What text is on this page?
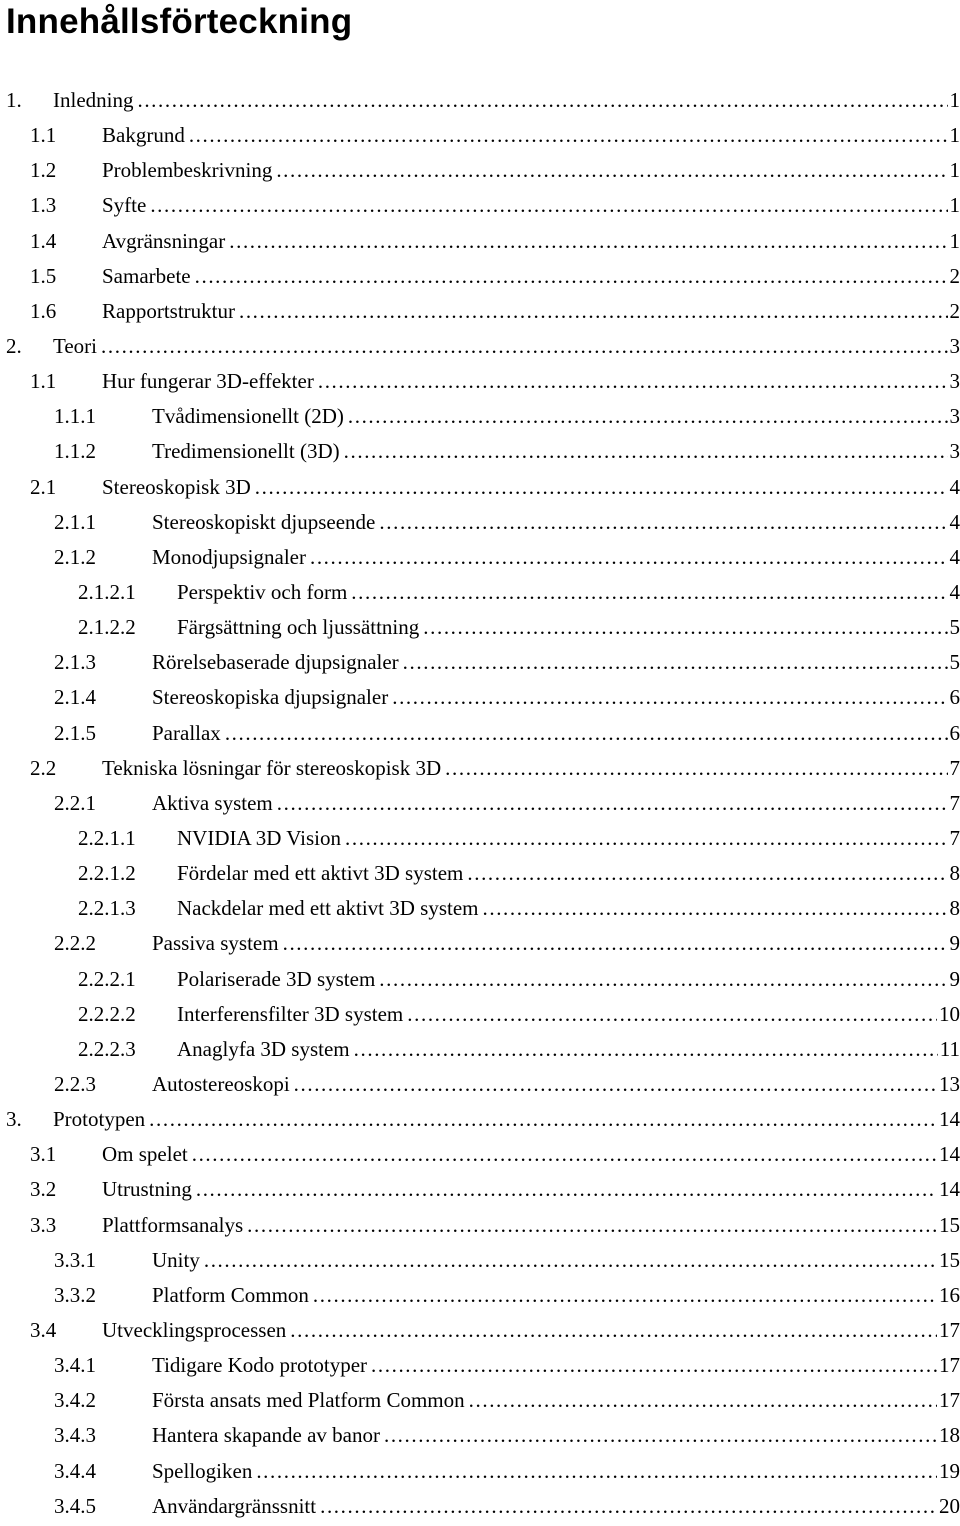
Innehållsförteckning
1.	Inledning .....	1
1.1	Bakgrund .....	1
1.2	Problembeskrivning .....	1
1.3	Syfte .....	1
1.4	Avgränsningar .....	1
1.5	Samarbete .....	2
1.6	Rapportstruktur .....	2
2.	Teori .....	3
1.1	Hur fungerar 3D-effekter .....	3
1.1.1	Tvådimensionellt (2D) .....	3
1.1.2	Tredimensionellt (3D) .....	3
2.1	Stereoskopisk 3D .....	4
2.1.1	Stereoskopiskt djupseende .....	4
2.1.2	Monodjupsignaler .....	4
2.1.2.1	Perspektiv och form .....	4
2.1.2.2	Färgsättning och ljussättning .....	5
2.1.3	Rörelsebaserade djupsignaler .....	5
2.1.4	Stereoskopiska djupsignaler .....	6
2.1.5	Parallax .....	6
2.2	Tekniska lösningar för stereoskopisk 3D .....	7
2.2.1	Aktiva system .....	7
2.2.1.1	NVIDIA 3D Vision .....	7
2.2.1.2	Fördelar med ett aktivt 3D system .....	8
2.2.1.3	Nackdelar med ett aktivt 3D system .....	8
2.2.2	Passiva system .....	9
2.2.2.1	Polariserade 3D system .....	9
2.2.2.2	Interferensfilter 3D system .....	10
2.2.2.3	Anaglyfa 3D system .....	11
2.2.3	Autostereoskopi .....	13
3.	Prototypen .....	14
3.1	Om spelet .....	14
3.2	Utrustning .....	14
3.3	Plattformsanalys .....	15
3.3.1	Unity .....	15
3.3.2	Platform Common .....	16
3.4	Utvecklingsprocessen .....	17
3.4.1	Tidigare Kodo prototyper .....	17
3.4.2	Första ansats med Platform Common .....	17
3.4.3	Hantera skapande av banor .....	18
3.4.4	Spellogiken .....	19
3.4.5	Användargränssnitt .....	20
